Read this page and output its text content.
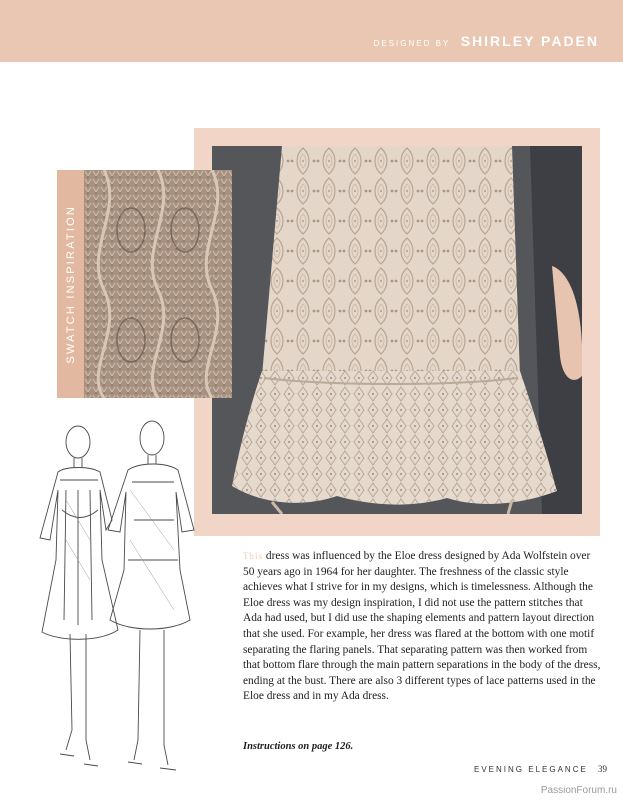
DESIGNED BY SHIRLEY PADEN
SWATCH INSPIRATION

This dress was influenced by the Eloe dress designed by Ada Wolfstein over 50 years ago in 1964 for her daughter. The freshness of the classic style achieves what I strive for in my designs, which is timelessness. Although the Eloe dress was my design inspiration, I did not use the pattern stitches that Ada had used, but I did use the shaping elements and pattern layout direction that she used. For example, her dress was flared at the bottom with one motif separating the flaring panels. That separating pattern was then worked from that bottom flare through the main pattern separations in the body of the dress, ending at the bust. There are also 3 different types of lace patterns used in the Eloe dress and in my Ada dress.

Instructions on page 126.

EVENING ELEGANCE 39
PassionForum.ru
